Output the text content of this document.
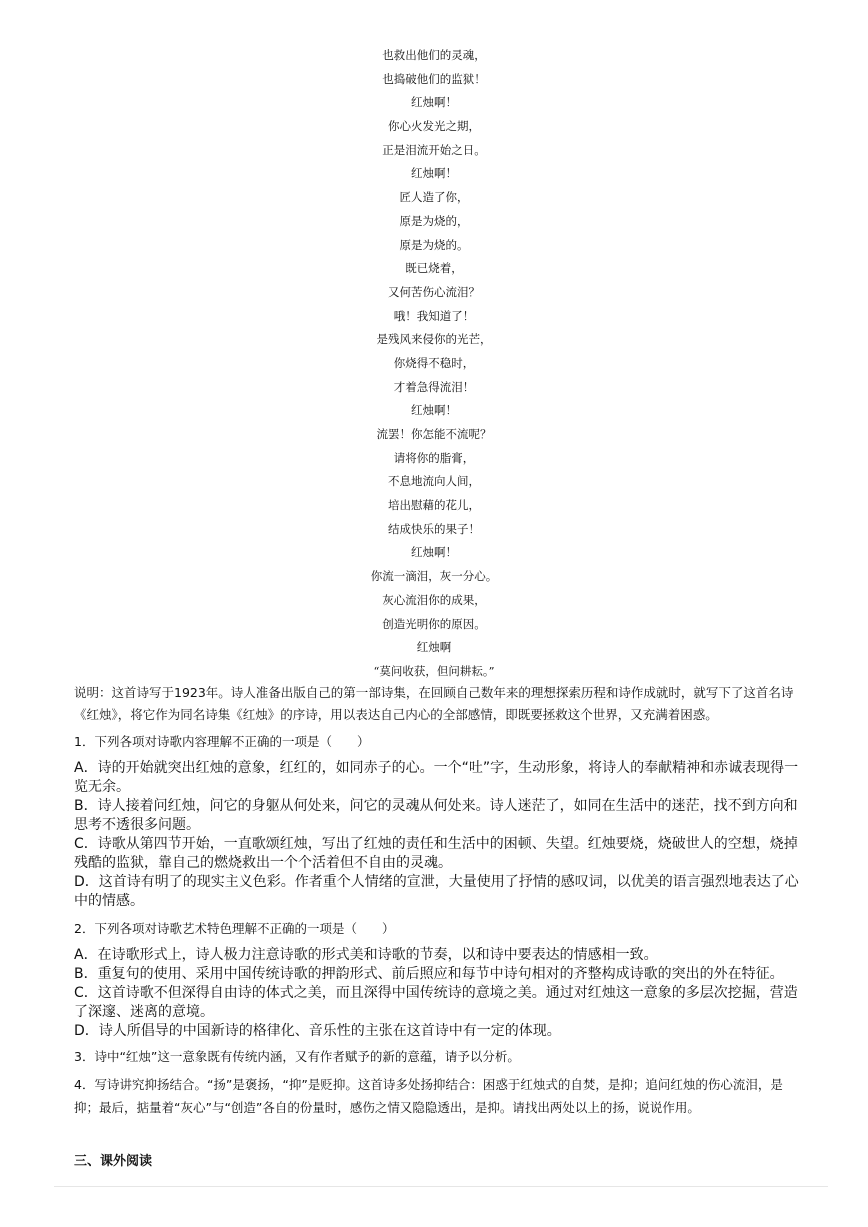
也救出他们的灵魂，
也捣破他们的监狱！
红烛啊！
你心火发光之期，
正是泪流开始之日。
红烛啊！
匠人造了你，
原是为烧的，
原是为烧的。
既已烧着，
又何苦伤心流泪？
哦！我知道了！
是残风来侵你的光芒，
你烧得不稳时，
才着急得流泪！
红烛啊！
流罢！你怎能不流呢？
请将你的脂膏，
不息地流向人间，
培出慰藉的花儿，
结成快乐的果子！
红烛啊！
你流一滴泪，灰一分心。
灰心流泪你的成果，
创造光明你的原因。
红烛啊
“莫问收获，但问耕耘。”
说明：这首诗写于1923年。诗人准备出版自己的第一部诗集，在回顾自己数年来的理想探索历程和诗作成就时，就写下了这首名诗《红烛》，将它作为同名诗集《红烛》的序诗，用以表达自己内心的全部感情，即既要拯救这个世界，又充满着困惑。
1．下列各项对诗歌内容理解不正确的一项是（　　）
A．诗的开始就突出红烛的意象，红红的，如同赤子的心。一个“吐”字，生动形象，将诗人的奉献精神和赤诚表现得一览无余。
B．诗人接着问红烛，问它的身躯从何处来，问它的灵魂从何处来。诗人迷茫了，如同在生活中的迷茫，找不到方向和思考不透很多问题。
C．诗歌从第四节开始，一直歌颂红烛，写出了红烛的责任和生活中的困顿、失望。红烛要烧，烧破世人的空想，烧掉残酷的监狱，靠自己的燃烧救出一个个活着但不自由的灵魂。
D．这首诗有明了的现实主义色彩。作者重个人情绪的宣泄，大量使用了抒情的感叹词，以优美的语言强烈地表达了心中的情感。
2．下列各项对诗歌艺术特色理解不正确的一项是（　　）
A．在诗歌形式上，诗人极力注意诗歌的形式美和诗歌的节奏，以和诗中要表达的情感相一致。
B．重复句的使用、采用中国传统诗歌的押韵形式、前后照应和每节中诗句相对的齐整构成诗歌的突出的外在特征。
C．这首诗歌不但深得自由诗的体式之美，而且深得中国传统诗的意境之美。通过对红烛这一意象的多层次挖掘，营造了深邃、迷离的意境。
D．诗人所倡导的中国新诗的格律化、音乐性的主张在这首诗中有一定的体现。
3．诗中“红烛”这一意象既有传统内涵，又有作者赋予的新的意蕴，请予以分析。
4．写诗讲究抑扬结合。“扬”是褒扬，“抑”是贬抑。这首诗多处扬抑结合：困惑于红烛式的自焚，是抑；追问红烛的伤心流泪，是抑；最后，掂量着“灰心”与“创造”各自的份量时，感伤之情又隐隐透出，是抑。请找出两处以上的扬，说说作用。
三、课外阅读
